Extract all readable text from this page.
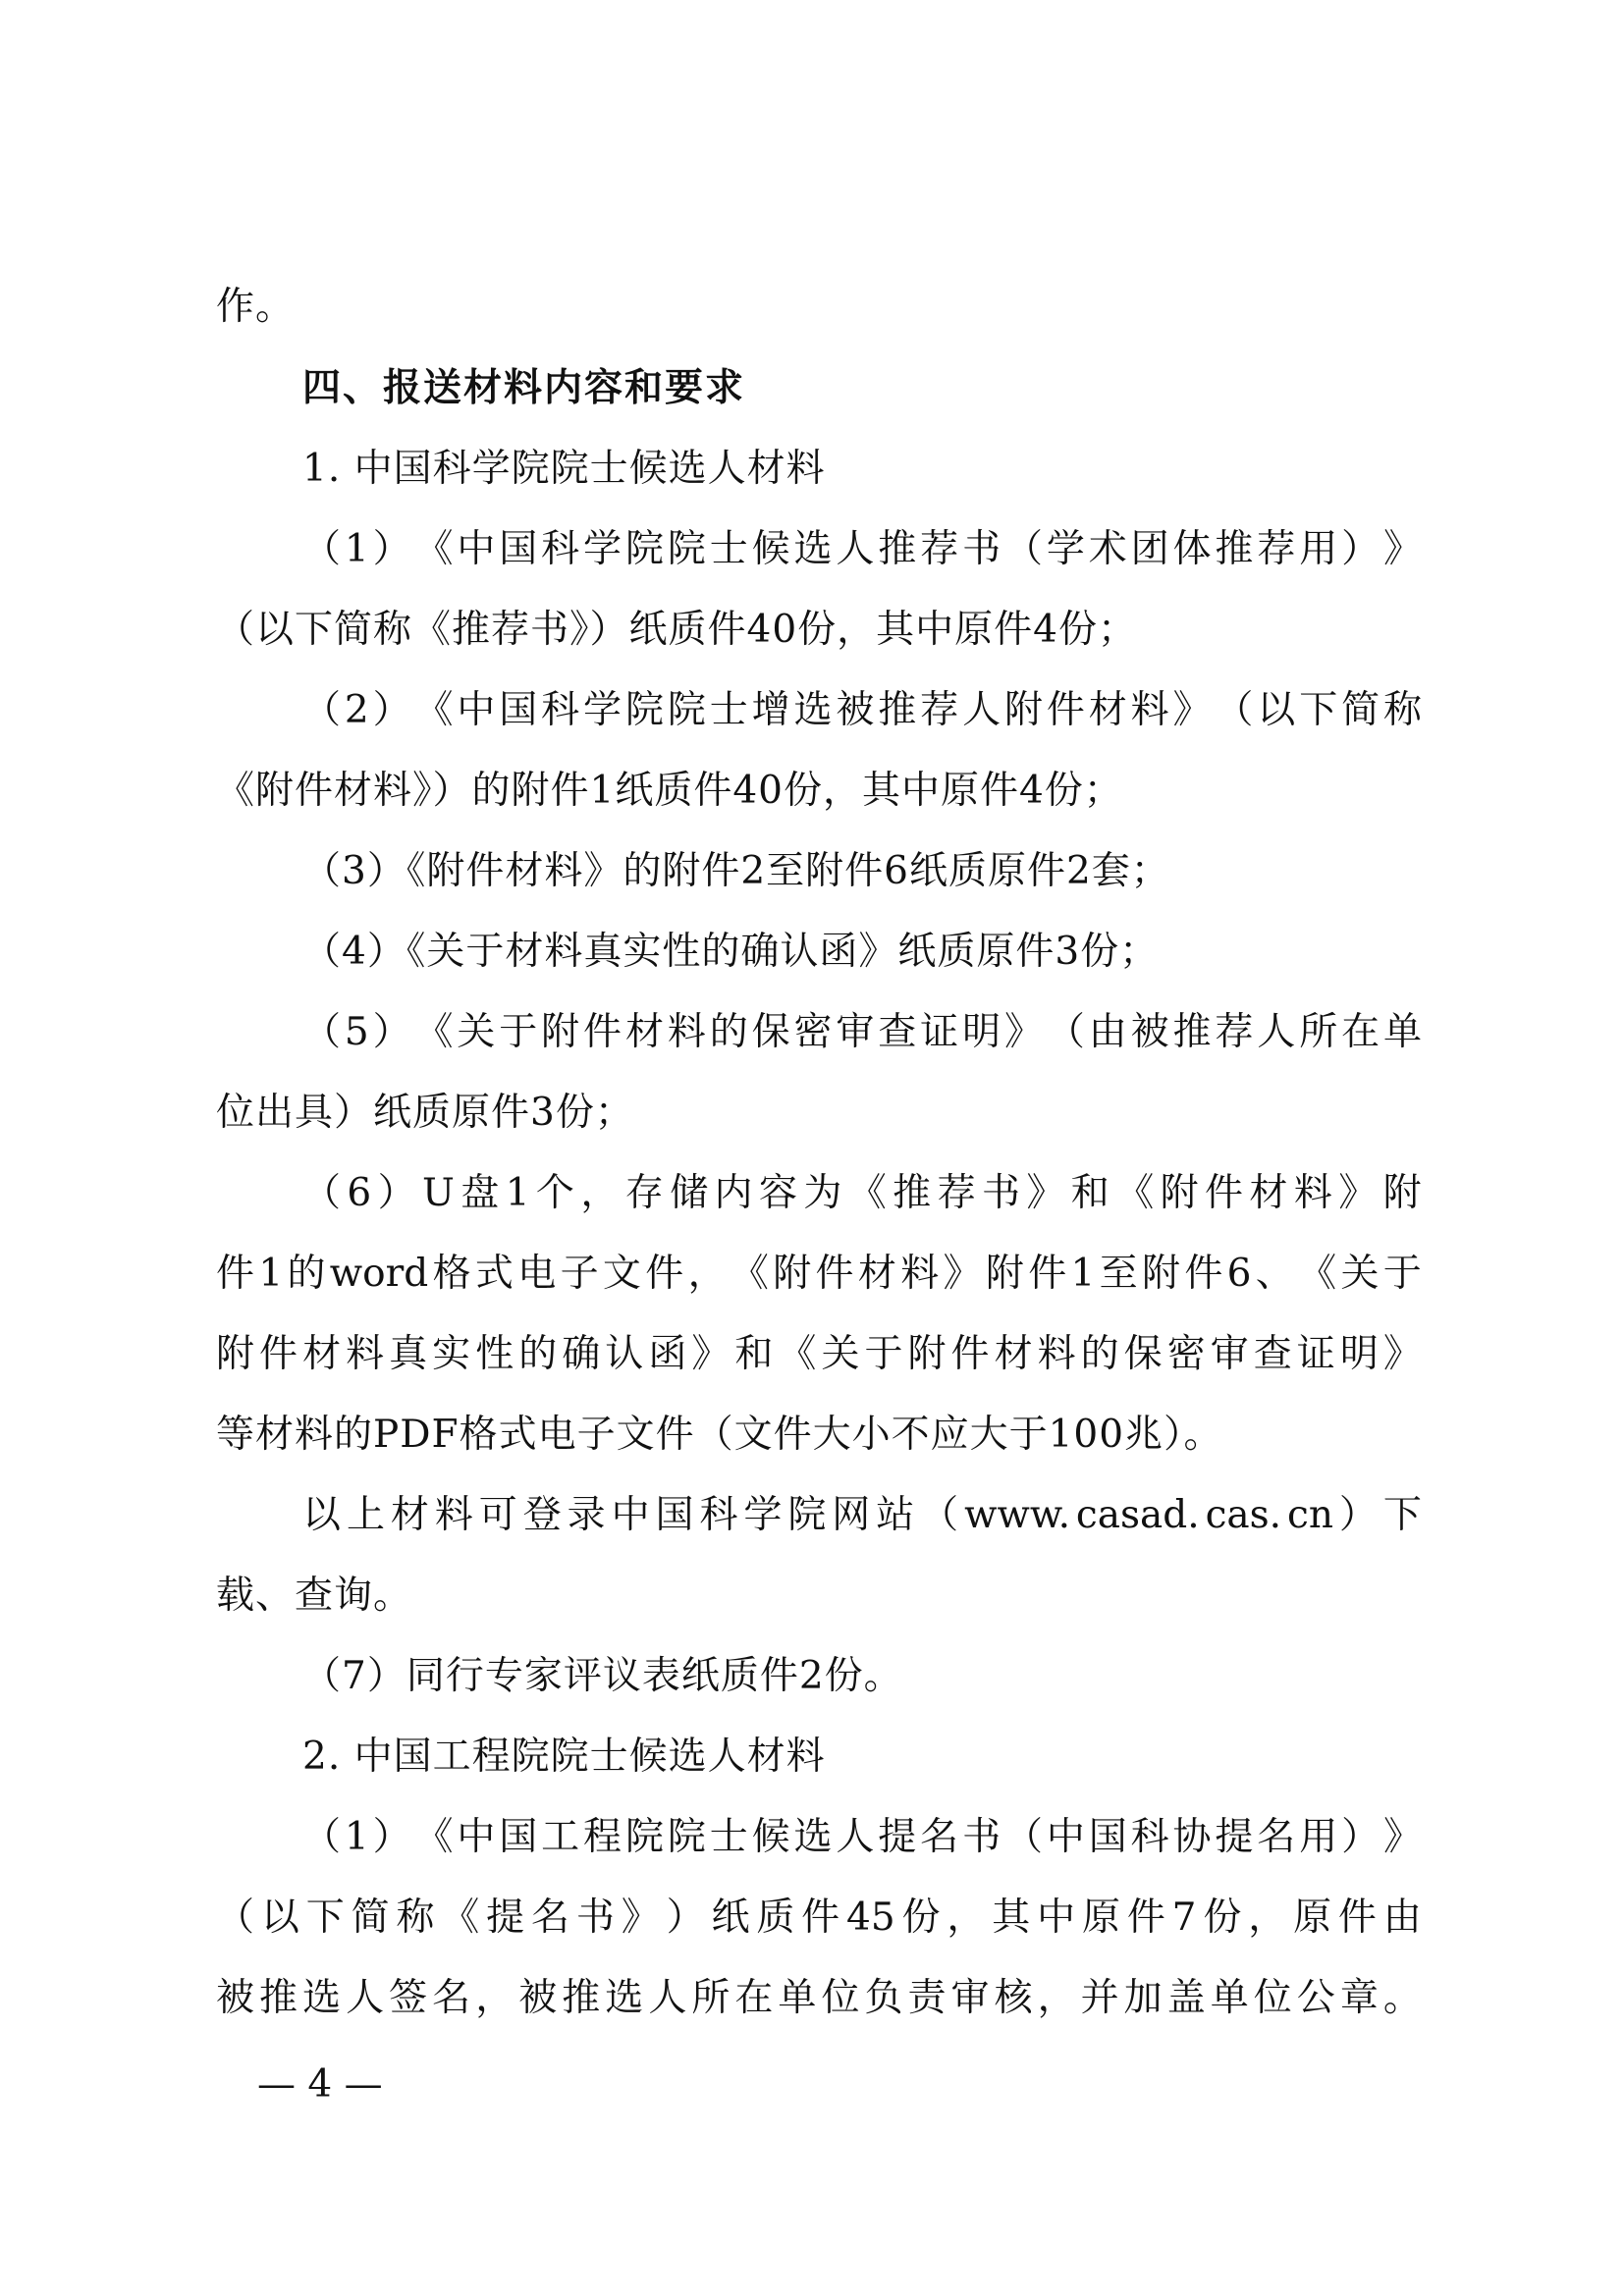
作。
四、报送材料内容和要求
1. 中国科学院院士候选人材料
（ 1 ） 《 中 国 科 学 院 院 士 候 选 人 推 荐 书 （ 学 术 团 体 推 荐 用 ） 》
（以下简称《推荐书》）纸质件40份，其中原件4份；
（ 2 ） 《 中 国 科 学 院 院 士 增 选 被 推 荐 人 附 件 材 料 》 （ 以 下 简 称
《附件材料》）的附件1纸质件40份，其中原件4份；
（3）《附件材料》的附件2至附件6纸质原件2套；
（4）《关于材料真实性的确认函》纸质原件3份；
（ 5 ） 《 关 于 附 件 材 料 的 保 密 审 查 证 明 》 （ 由 被 推 荐 人 所 在 单
位出具）纸质原件3份；
（ 6 ） U 盘 1 个 ， 存 储 内 容 为 《 推 荐 书 》 和 《 附 件 材 料 》 附
件 1 的 word 格 式 电 子 文 件 ， 《 附 件 材 料 》 附 件 1 至 附 件 6 、 《 关 于
附 件 材 料 真 实 性 的 确 认 函 》 和 《 关 于 附 件 材 料 的 保 密 审 查 证 明 》
等材料的PDF格式电子文件（文件大小不应大于100兆）。
以 上 材 料 可 登 录 中 国 科 学 院 网 站 （ www. casad. cas. cn ） 下
载、查询。
（7）同行专家评议表纸质件2份。
2. 中国工程院院士候选人材料
（ 1 ） 《 中 国 工 程 院 院 士 候 选 人 提 名 书 （ 中 国 科 协 提 名 用 ） 》
（ 以 下 简 称 《 提 名 书 》 ） 纸 质 件 45 份 ， 其 中 原 件 7 份 ， 原 件 由
被 推 选 人 签 名 ， 被 推 选 人 所 在 单 位 负 责 审 核 ， 并 加 盖 单 位 公 章 。
— 4 —
